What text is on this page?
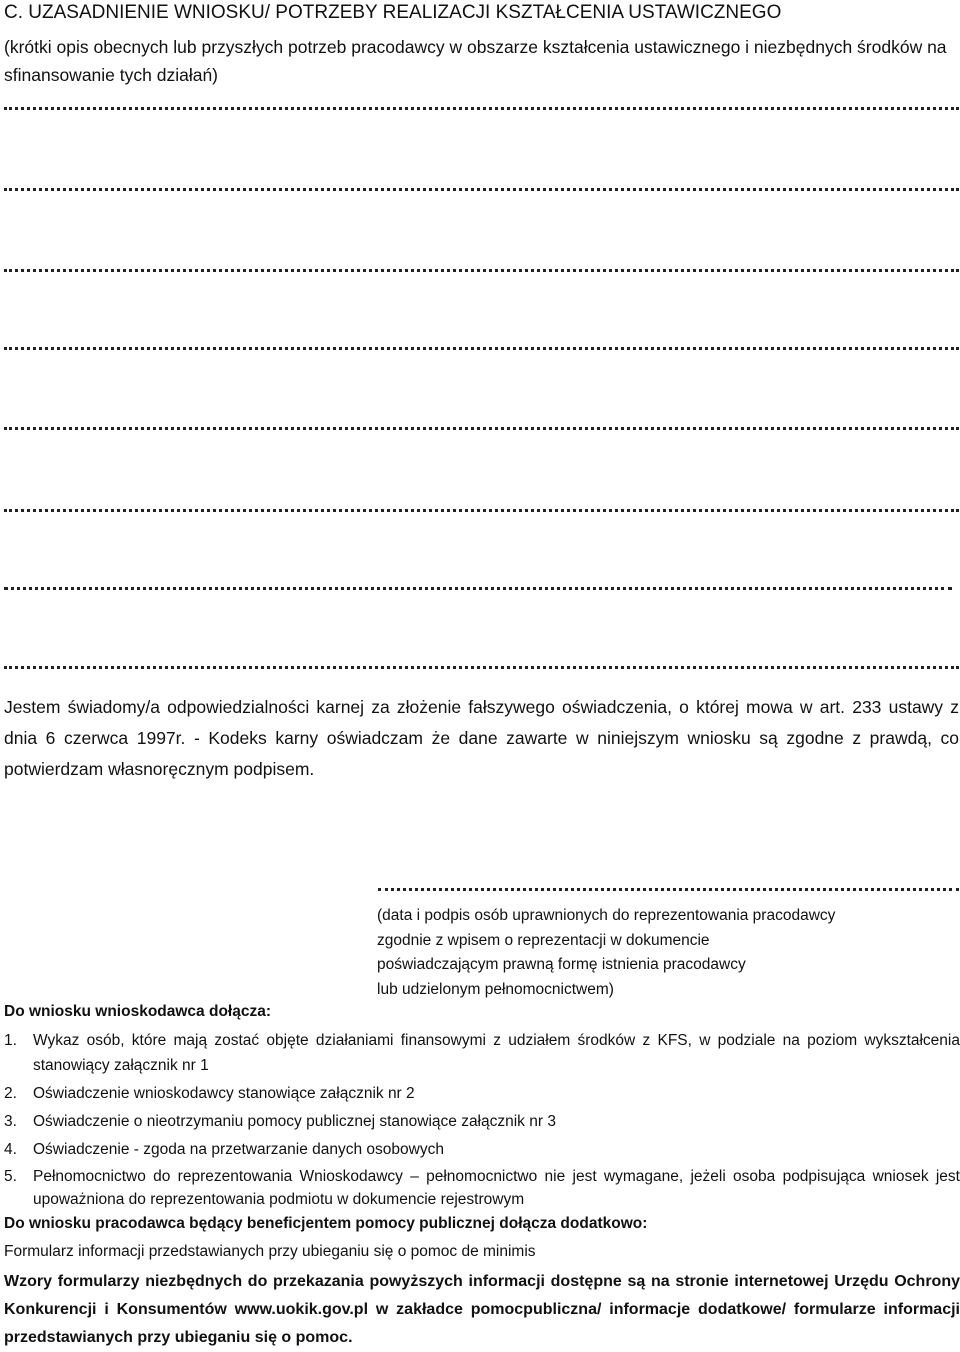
C. UZASADNIENIE WNIOSKU/ POTRZEBY REALIZACJI KSZTAŁCENIA USTAWICZNEGO
(krótki opis obecnych lub przyszłych potrzeb pracodawcy w obszarze kształcenia ustawicznego i niezbędnych środków na sfinansowanie tych działań)
Jestem świadomy/a odpowiedzialności karnej za złożenie fałszywego oświadczenia, o której mowa w art. 233 ustawy z dnia 6 czerwca 1997r. - Kodeks karny oświadczam że dane zawarte w niniejszym wniosku są zgodne z prawdą, co potwierdzam własnoręcznym podpisem.
(data i podpis osób uprawnionych do reprezentowania pracodawcy
zgodnie z wpisem o reprezentacji w dokumencie
poświadczającym prawną formę istnienia pracodawcy
lub udzielonym pełnomocnictwem)
Do wniosku wnioskodawca dołącza:
1.	Wykaz osób, które mają zostać objęte działaniami finansowymi z udziałem środków z KFS, w podziale na poziom wykształcenia stanowiący załącznik nr 1
2.	Oświadczenie wnioskodawcy stanowiące załącznik nr 2
3.	Oświadczenie o nieotrzymaniu pomocy publicznej stanowiące załącznik nr 3
4.	Oświadczenie - zgoda na przetwarzanie danych osobowych
5.	Pełnomocnictwo do reprezentowania Wnioskodawcy – pełnomocnictwo nie jest wymagane, jeżeli osoba podpisująca wniosek jest upoważniona do reprezentowania podmiotu w dokumencie rejestrowym
Do wniosku pracodawca będący beneficjentem pomocy publicznej dołącza dodatkowo:
Formularz informacji przedstawianych przy ubieganiu się o pomoc de minimis
Wzory formularzy niezbędnych do przekazania powyższych informacji dostępne są na stronie internetowej Urzędu Ochrony Konkurencji i Konsumentów www.uokik.gov.pl w zakładce pomocpubliczna/ informacje dodatkowe/ formularze informacji przedstawianych przy ubieganiu się o pomoc.
